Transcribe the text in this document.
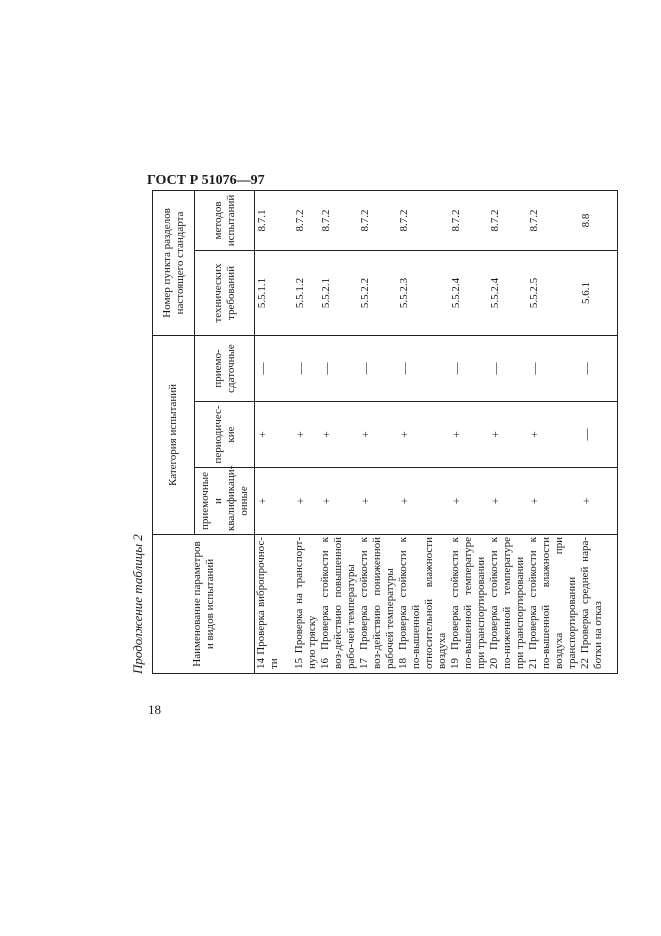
18
ГОСТ Р 51076—97
Продолжение таблицы 2	Наименование параметров и видов испытаний	Категория испытаний			Номер пункта разделов настоящего стандарта	
	приемочные и квалификаци-онные	периодичес-кие	приемо-сдаточные	технических требований	методов испытаний
14 Проверка вибропрочнос-ти	+	+	—	5.5.1.1	8.7.1
15 Проверка на транспорт-ную тряску	+	+	—	5.5.1.2	8.7.2
16 Проверка стойкости к воз-действию повышенной рабо-чей температуры	+	+	—	5.5.2.1	8.7.2
17 Проверка стойкости к воз-действию пониженной рабочей температуры	+	+	—	5.5.2.2	8.7.2
18 Проверка стойкости к по-вышенной относительной влажности воздуха	+	+	—	5.5.2.3	8.7.2
19 Проверка стойкости к по-вышенной температуре при транспортировании	+	+	—	5.5.2.4	8.7.2
20 Проверка стойкости к по-ниженной температуре при транспортировании	+	+	—	5.5.2.4	8.7.2
21 Проверка стойкости к по-вышенной влажности воздуха при транспортировании	+	+	—	5.5.2.5	8.7.2
22 Проверка средней нара-ботки на отказ	+	—	—	5.6.1	8.8
